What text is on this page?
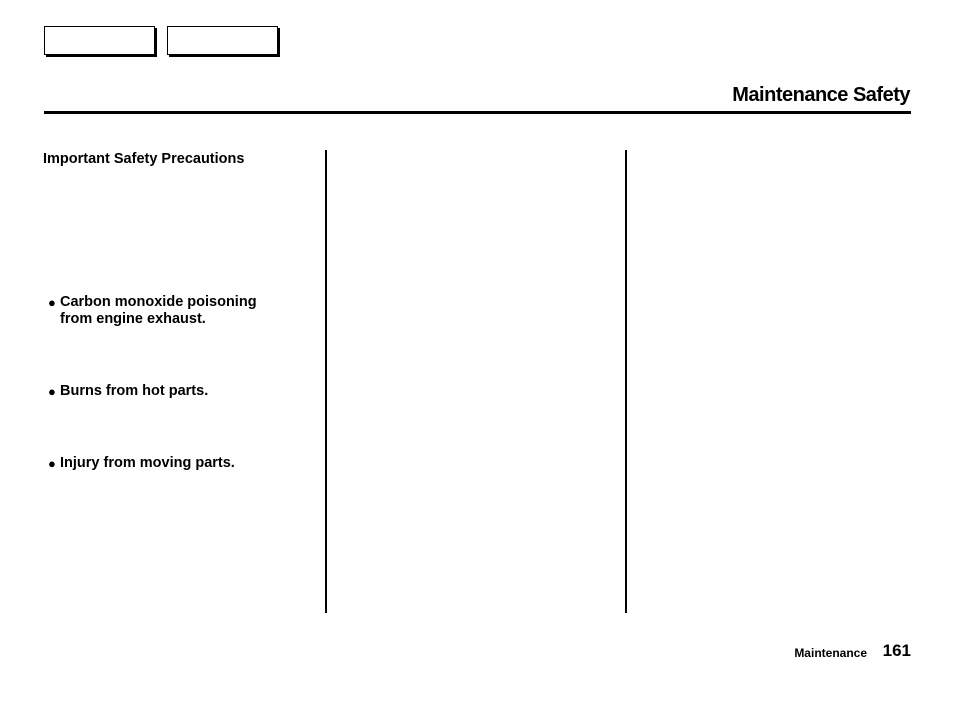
Maintenance Safety
Important Safety Precautions
● Carbon monoxide poisoning
from engine exhaust.
● Burns from hot parts.
● Injury from moving parts.
Maintenance 161
